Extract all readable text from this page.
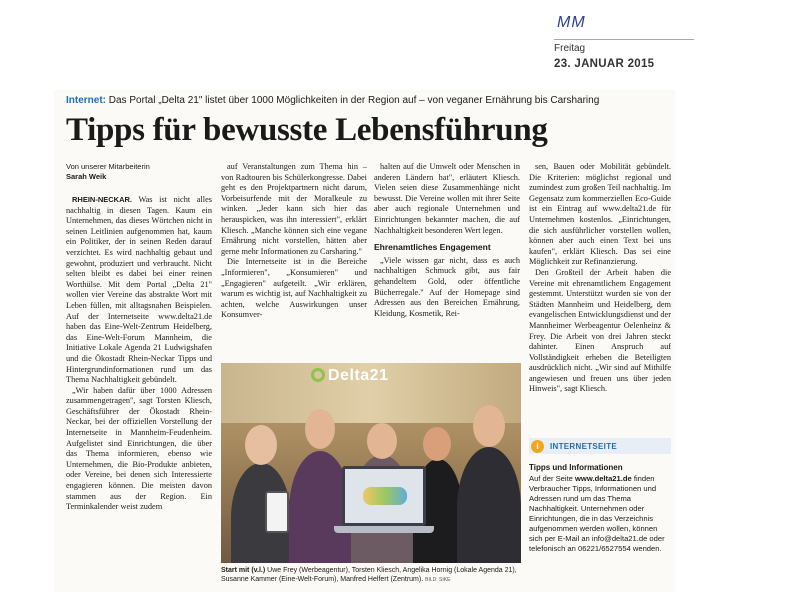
MM
Freitag
23. JANUAR 2015
Internet: Das Portal „Delta 21" listet über 1000 Möglichkeiten in der Region auf – von veganer Ernährung bis Carsharing
Tipps für bewusste Lebensführung
Von unserer Mitarbeiterin
Sarah Weik

RHEIN-NECKAR. Was ist nicht alles nachhaltig in diesen Tagen. Kaum ein Unternehmen, das dieses Wörtchen nicht in seinen Leitlinien aufgenommen hat, kaum ein Politiker, der in seinen Reden darauf verzichtet. Es wird nachhaltig gebaut und gewohnt, produziert und verbraucht. Nicht selten bleibt es dabei bei einer reinen Worthülse. Mit dem Portal „Delta 21" wollen vier Vereine das abstrakte Wort mit Leben füllen, mit alltagsnahen Beispielen. Auf der Internetseite www.delta21.de haben das Eine-Welt-Zentrum Heidelberg, das Eine-Welt-Forum Mannheim, die Initiative Lokale Agenda 21 Ludwigshafen und die Ökostadt Rhein-Neckar Tipps und Hintergrundinformationen rund um das Thema Nachhaltigkeit gebündelt.

„Wir haben dafür über 1000 Adressen zusammengetragen", sagt Torsten Kliesch, Geschäftsführer der Ökostadt Rhein-Neckar, bei der offiziellen Vorstellung der Internetseite in Mannheim-Feudenheim. Aufgelistet sind Einrichtungen, die über das Thema informieren, ebenso wie Unternehmen, die Bio-Produkte anbieten, oder Vereine, bei denen sich Interessierte engagieren können. Die meisten davon stammen aus der Region. Ein Terminkalender weist zudem

auf Veranstaltungen zum Thema hin – von Radtouren bis Schülerkongresse. Dabei geht es den Projektpartnern nicht darum, Vorbeisurfende mit der Moralkeule zu winken. „Jeder kann sich hier das herauspicken, was ihn interessiert", erklärt Kliesch. „Manche können sich eine vegane Ernährung nicht vorstellen, hätten aber gerne mehr Informationen zu Carsharing."

Die Internetseite ist in die Bereiche „Informieren", „Konsumieren" und „Engagieren" aufgeteilt. „Wir erklären, warum es wichtig ist, auf Nachhaltigkeit zu achten, welche Auswirkungen unser Konsumver-

halten auf die Umwelt oder Menschen in anderen Ländern hat", erläutert Kliesch. Vielen seien diese Zusammenhänge nicht bewusst. Die Vereine wollen mit ihrer Seite aber auch regionale Unternehmen und Einrichtungen bekannter machen, die auf Nachhaltigkeit besonderen Wert legen.

Ehrenamtliches Engagement

„Viele wissen gar nicht, dass es auch nachhaltigen Schmuck gibt, aus fair gehandeltem Gold, oder öffentliche Bücherregale." Auf der Homepage sind Adressen aus den Bereichen Ernährung, Kleidung, Kosmetik, Rei-

sen, Bauen oder Mobilität gebündelt. Die Kriterien: möglichst regional und zumindest zum großen Teil nachhaltig. Im Gegensatz zum kommerziellen Eco-Guide ist ein Eintrag auf www.delta21.de für Unternehmen kostenlos. „Einrichtungen, die sich ausführlicher vorstellen wollen, können aber auch einen Text bei uns kaufen", erklärt Kliesch. Das sei eine Möglichkeit zur Refinanzierung.

Den Großteil der Arbeit haben die Vereine mit ehrenamtlichem Engagement gestemmt. Unterstützt wurden sie von der Städten Mannheim und Heidelberg, dem evangelischen Entwicklungsdienst und der Mannheimer Werbeagentur Oelenheinz & Frey. Die Arbeit von drei Jahren steckt dahinter. Einen Anspruch auf Vollständigkeit erheben die Beteiligten ausdrücklich nicht. „Wir sind auf Mithilfe angewiesen und freuen uns über jeden Hinweis", sagt Kliesch.

Delta21
Start mit (v.l.) Uwe Frey (Werbeagentur), Torsten Kliesch, Angelika Hornig (Lokale Agenda 21), Susanne Kammer (Eine-Welt-Forum), Manfred Helfert (Zentrum). BILD: SIKE
i	INTERNETSEITE
Tipps und Informationen
Auf der Seite www.delta21.de finden Verbraucher Tipps, Informationen und Adressen rund um das Thema Nachhaltigkeit. Unternehmen oder Einrichtungen, die in das Verzeichnis aufgenommen werden wollen, können sich per E-Mail an info@delta21.de oder telefonisch an 06221/6527554 wenden.
